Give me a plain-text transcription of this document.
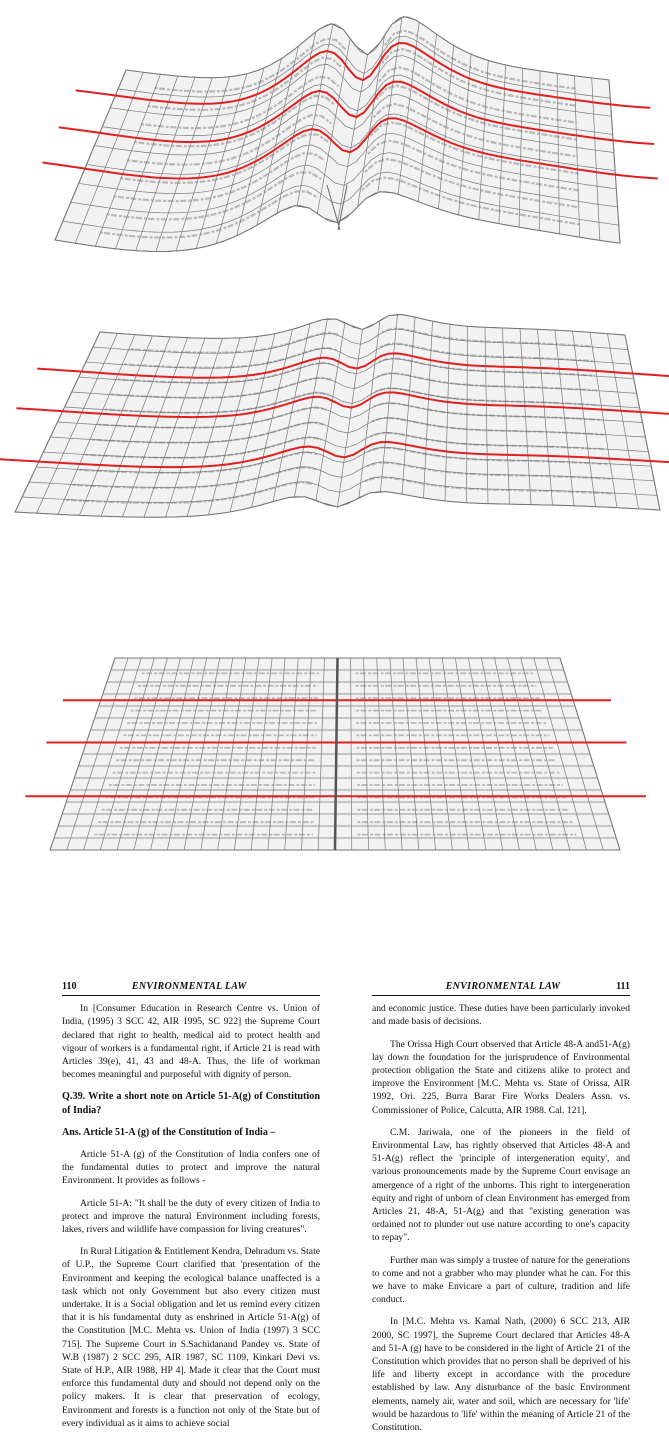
110	ENVIRONMENTAL LAW

In [Consumer Education in Research Centre vs. Union of India, (1995) 3 SCC 42, AIR 1995, SC 922] the Supreme Court declared that right to health, medical aid to protect health and vigour of workers is a fundamental right, if Article 21 is read with Articles 39(e), 41, 43 and 48-A. Thus, the life of workman becomes meaningful and purposeful with dignity of person.

Q.39. Write a short note on Article 51-A(g) of Constitution of India?

Ans. Article 51-A (g) of the Constitution of India –

Article 51-A (g) of the Constitution of India confers one of the fundamental duties to protect and improve the natural Environment. It provides as follows -

Article 51-A: "It shall be the duty of every citizen of India to protect and improve the natural Environment including forests, lakes, rivers and wildlife have compassion for living creatures".

In Rural Litigation & Entitlement Kendra, Dehradum vs. State of U.P., the Supreme Court clarified that 'presentation of the Environment and keeping the ecological balance unaffected is a task which not only Government but also every citizen must undertake. It is a Social obligation and let us remind every citizen that it is his fundamental duty as enshrined in Article 51-A(g) of the Constitution [M.C. Mehta vs. Union of India (1997) 3 SCC 715]. The Supreme Court in S.Sachidanand Pandey vs. State of W.B (1987) 2 SCC 295, AIR 1987, SC 1109, Kinkari Devi vs. State of H.P., AIR 1988, HP 4]. Made it clear that the Court must enforce this fundamental duty and should not depend only on the policy makers. It is clear that preservation of ecology, Environment and forests is a function not only of the State but of every individual as it aims to achieve social

ENVIRONMENTAL LAW	111

and economic justice. These duties have been particularly invoked and made basis of decisions.

The Orissa High Court observed that Article 48-A and51-A(g) lay down the foundation for the jurisprudence of Environmental protection obligation the State and citizens alike to protect and improve the Environment [M.C. Mehta vs. State of Orissa, AIR 1992, Ori. 225, Burra Barar Fire Works Dealers Assn. vs. Commissioner of Police, Calcutta, AIR 1988. Cal. 121].

C.M. Jariwala, one of the pioneers in the field of Environmental Law, has rightly observed that Articles 48-A and 51-A(g) reflect the 'principle of intergeneration equity', and various pronouncements made by the Supreme Court envisage an amergence of a right of the unborns. This right to intergeneration equity and right of unborn of clean Environment has emerged from Articles 21, 48-A, 51-A(g) and that "existing generation was ordained not to plunder out use nature according to one's capacity to repay".

Further man was simply a trustee of nature for the generations to come and not a grabber who may plunder what he can. For this we have to make Envicare a part of culture, tradition and life conduct.

In [M.C. Mehta vs. Kamal Nath, (2000) 6 SCC 213, AIR 2000, SC 1997], the Supreme Court declared that Articles 48-A and 51-A (g) have to be considered in the light of Article 21 of the Constitution which provides that no person shall be deprived of his life and liberty except in accordance with the procedure established by law. Any disturbance of the basic Environment elements, namely air, water and soil, which are necessary for 'life' would be hazardous to 'life' within the meaning of Article 21 of the Constitution.
